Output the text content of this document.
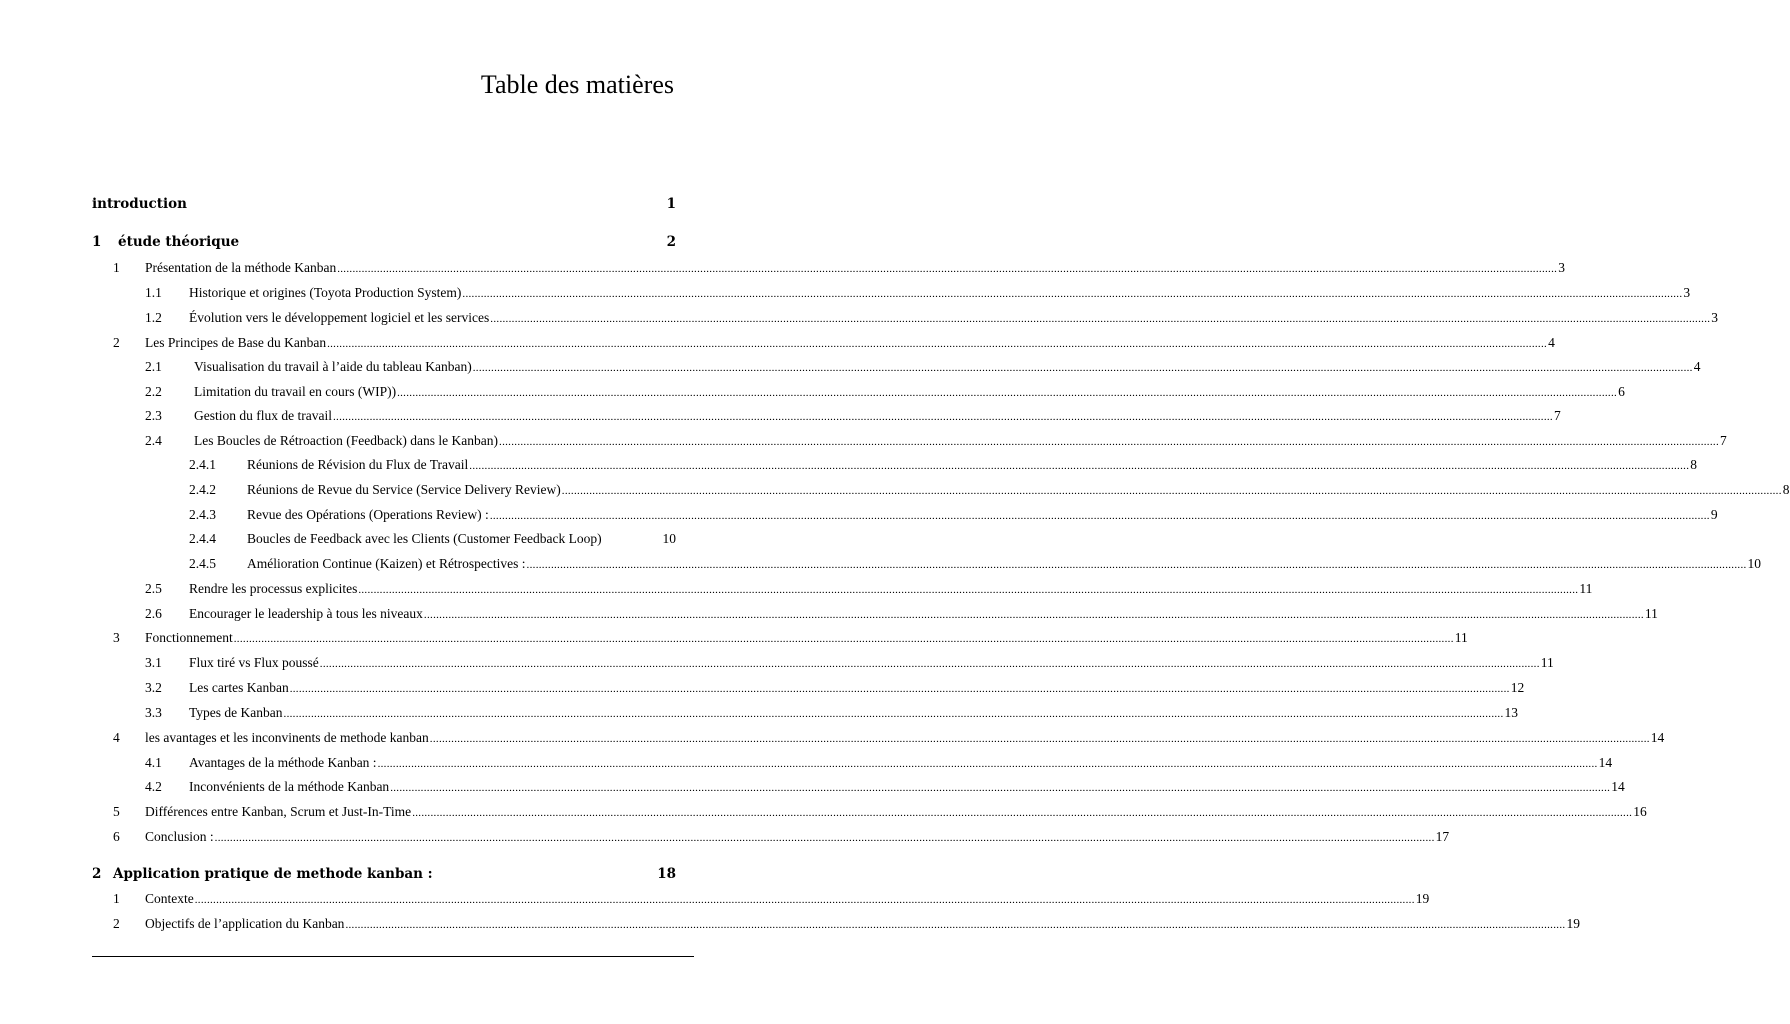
Table des matières
introduction	1
1 étude théorique	2
1 Présentation de la méthode Kanban ................................................................................................................................................................................................................................................................................................................................................................................................................ 3
1.1 Historique et origines (Toyota Production System) ................................................................................................................................................................................................................................................................................................................................................................................................................ 3
1.2 Évolution vers le développement logiciel et les services ................................................................................................................................................................................................................................................................................................................................................................................................................ 3
2 Les Principes de Base du Kanban ................................................................................................................................................................................................................................................................................................................................................................................................................ 4
2.1 Visualisation du travail à l’aide du tableau Kanban) ................................................................................................................................................................................................................................................................................................................................................................................................................ 4
2.2 Limitation du travail en cours (WIP)) ................................................................................................................................................................................................................................................................................................................................................................................................................ 6
2.3 Gestion du flux de travail ................................................................................................................................................................................................................................................................................................................................................................................................................ 7
2.4 Les Boucles de Rétroaction (Feedback) dans le Kanban) ................................................................................................................................................................................................................................................................................................................................................................................................................ 7
2.4.1 Réunions de Révision du Flux de Travail ................................................................................................................................................................................................................................................................................................................................................................................................................ 8
2.4.2 Réunions de Revue du Service (Service Delivery Review) ................................................................................................................................................................................................................................................................................................................................................................................................................ 8
2.4.3 Revue des Opérations (Operations Review) : ................................................................................................................................................................................................................................................................................................................................................................................................................ 9
2.4.4 Boucles de Feedback avec les Clients (Customer Feedback Loop)	10
2.4.5 Amélioration Continue (Kaizen) et Rétrospectives : ................................................................................................................................................................................................................................................................................................................................................................................................................ 10
2.5 Rendre les processus explicites ................................................................................................................................................................................................................................................................................................................................................................................................................ 11
2.6 Encourager le leadership à tous les niveaux ................................................................................................................................................................................................................................................................................................................................................................................................................ 11
3 Fonctionnement ................................................................................................................................................................................................................................................................................................................................................................................................................ 11
3.1 Flux tiré vs Flux poussé ................................................................................................................................................................................................................................................................................................................................................................................................................ 11
3.2 Les cartes Kanban ................................................................................................................................................................................................................................................................................................................................................................................................................ 12
3.3 Types de Kanban ................................................................................................................................................................................................................................................................................................................................................................................................................ 13
4 les avantages et les inconvinents de methode kanban ................................................................................................................................................................................................................................................................................................................................................................................................................ 14
4.1 Avantages de la méthode Kanban : ................................................................................................................................................................................................................................................................................................................................................................................................................ 14
4.2 Inconvénients de la méthode Kanban ................................................................................................................................................................................................................................................................................................................................................................................................................ 14
5 Différences entre Kanban, Scrum et Just-In-Time ................................................................................................................................................................................................................................................................................................................................................................................................................ 16
6 Conclusion : ................................................................................................................................................................................................................................................................................................................................................................................................................ 17
2 Application pratique de methode kanban :	18
1 Contexte ................................................................................................................................................................................................................................................................................................................................................................................................................ 19
2 Objectifs de l’application du Kanban ................................................................................................................................................................................................................................................................................................................................................................................................................ 19
